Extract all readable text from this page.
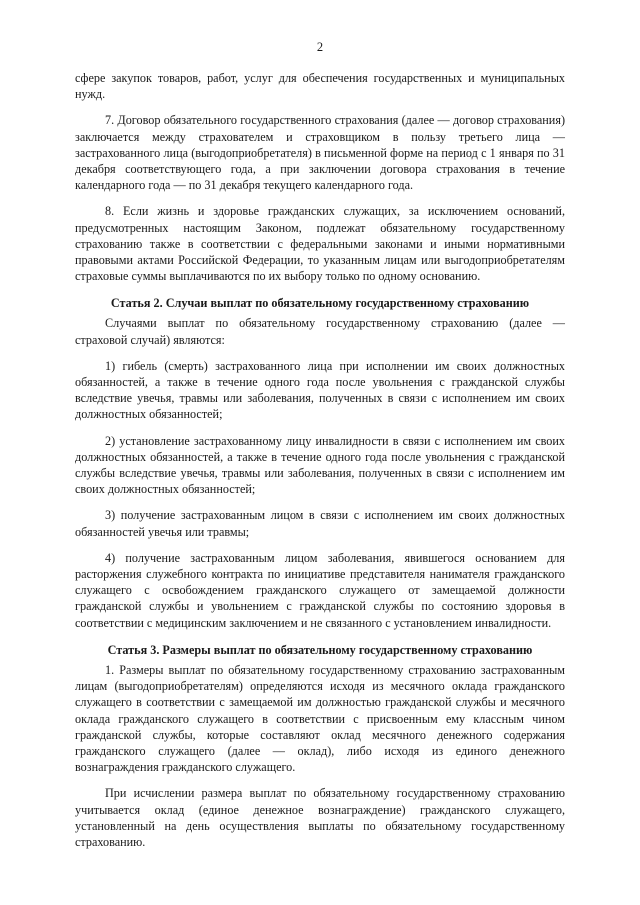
2

сфере закупок товаров, работ, услуг для обеспечения государственных и муниципальных нужд.

7. Договор обязательного государственного страхования (далее — договор страхования) заключается между страхователем и страховщиком в пользу третьего лица — застрахованного лица (выгодоприобретателя) в письменной форме на период с 1 января по 31 декабря соответствующего года, а при заключении договора страхования в течение календарного года — по 31 декабря текущего календарного года.

8. Если жизнь и здоровье гражданских служащих, за исключением оснований, предусмотренных настоящим Законом, подлежат обязательному государственному страхованию также в соответствии с федеральными законами и иными нормативными правовыми актами Российской Федерации, то указанным лицам или выгодоприобретателям страховые суммы выплачиваются по их выбору только по одному основанию.

Статья 2. Случаи выплат по обязательному государственному страхованию

Случаями выплат по обязательному государственному страхованию (далее — страховой случай) являются:

1) гибель (смерть) застрахованного лица при исполнении им своих должностных обязанностей, а также в течение одного года после увольнения с гражданской службы вследствие увечья, травмы или заболевания, полученных в связи с исполнением им своих должностных обязанностей;

2) установление застрахованному лицу инвалидности в связи с исполнением им своих должностных обязанностей, а также в течение одного года после увольнения с гражданской службы вследствие увечья, травмы или заболевания, полученных в связи с исполнением им своих должностных обязанностей;

3) получение застрахованным лицом в связи с исполнением им своих должностных обязанностей увечья или травмы;

4) получение застрахованным лицом заболевания, явившегося основанием для расторжения служебного контракта по инициативе представителя нанимателя гражданского служащего с освобождением гражданского служащего от замещаемой должности гражданской службы и увольнением с гражданской службы по состоянию здоровья в соответствии с медицинским заключением и не связанного с установлением инвалидности.

Статья 3. Размеры выплат по обязательному государственному страхованию

1. Размеры выплат по обязательному государственному страхованию застрахованным лицам (выгодоприобретателям) определяются исходя из месячного оклада гражданского служащего в соответствии с замещаемой им должностью гражданской службы и месячного оклада гражданского служащего в соответствии с присвоенным ему классным чином гражданской службы, которые составляют оклад месячного денежного содержания гражданского служащего (далее — оклад), либо исходя из единого денежного вознаграждения гражданского служащего.

При исчислении размера выплат по обязательному государственному страхованию учитывается оклад (единое денежное вознаграждение) гражданского служащего, установленный на день осуществления выплаты по обязательному государственному страхованию.
